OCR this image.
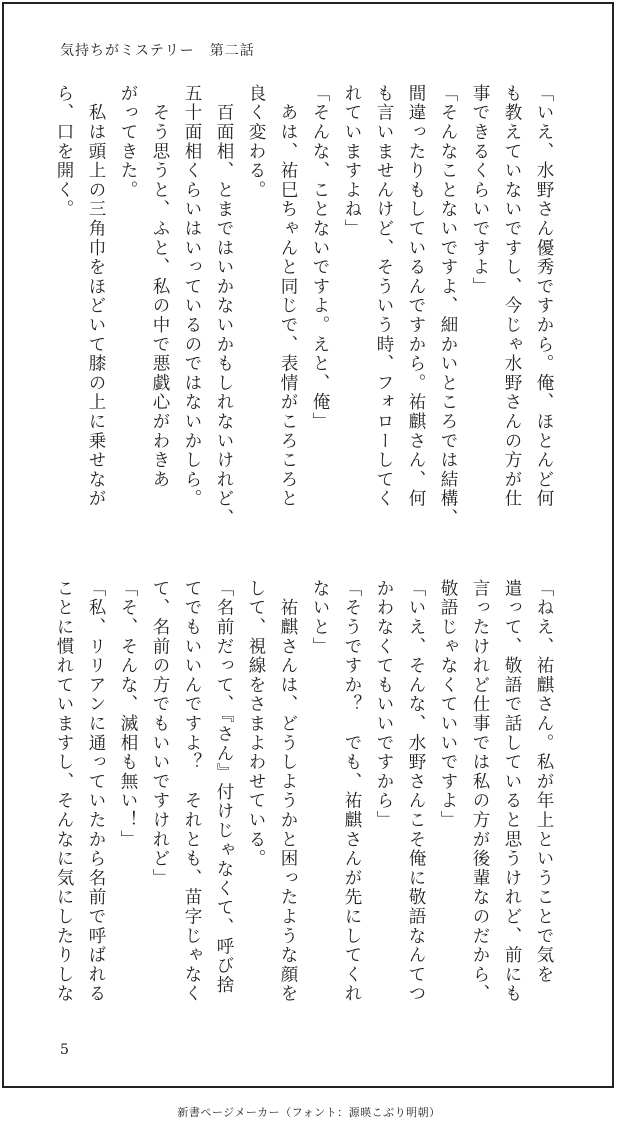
気持ちがミステリー　第二話

「いえ、水野さん優秀ですから。俺、ほとんど何

も教えていないですし、今じゃ水野さんの方が仕

事できるくらいですよ」

「そんなことないですよ、細かいところでは結構、

間違ったりもしているんですから。祐麒さん、何

も言いませんけど、そういう時、フォローしてく

れていますよね」

「そんな、ことないですよ。えと、俺」

　あは、祐巳ちゃんと同じで、表情がころころと

良く変わる。

　百面相、とまではいかないかもしれないけれど、

五十面相くらいはいっているのではないかしら。

　そう思うと、ふと、私の中で悪戯心がわきあ

がってきた。

　私は頭上の三角巾をほどいて膝の上に乗せなが

ら、口を開く。

「ねえ、祐麒さん。私が年上ということで気を

遣って、敬語で話していると思うけれど、前にも

言ったけれど仕事では私の方が後輩なのだから、

敬語じゃなくていいですよ」

「いえ、そんな、水野さんこそ俺に敬語なんてつ

かわなくてもいいですから」

「そうですか？　でも、祐麒さんが先にしてくれ

ないと」

　祐麒さんは、どうしようかと困ったような顔を

して、視線をさまよわせている。

「名前だって、『さん』付けじゃなくて、呼び捨

てでもいいんですよ？　それとも、苗字じゃなく

て、名前の方でもいいですけれど」

「そ、そんな、滅相も無い！」

「私、リリアンに通っていたから名前で呼ばれる

ことに慣れていますし、そんなに気にしたりしな

5
新書ページメーカー（フォント：源暎こぶり明朝）
